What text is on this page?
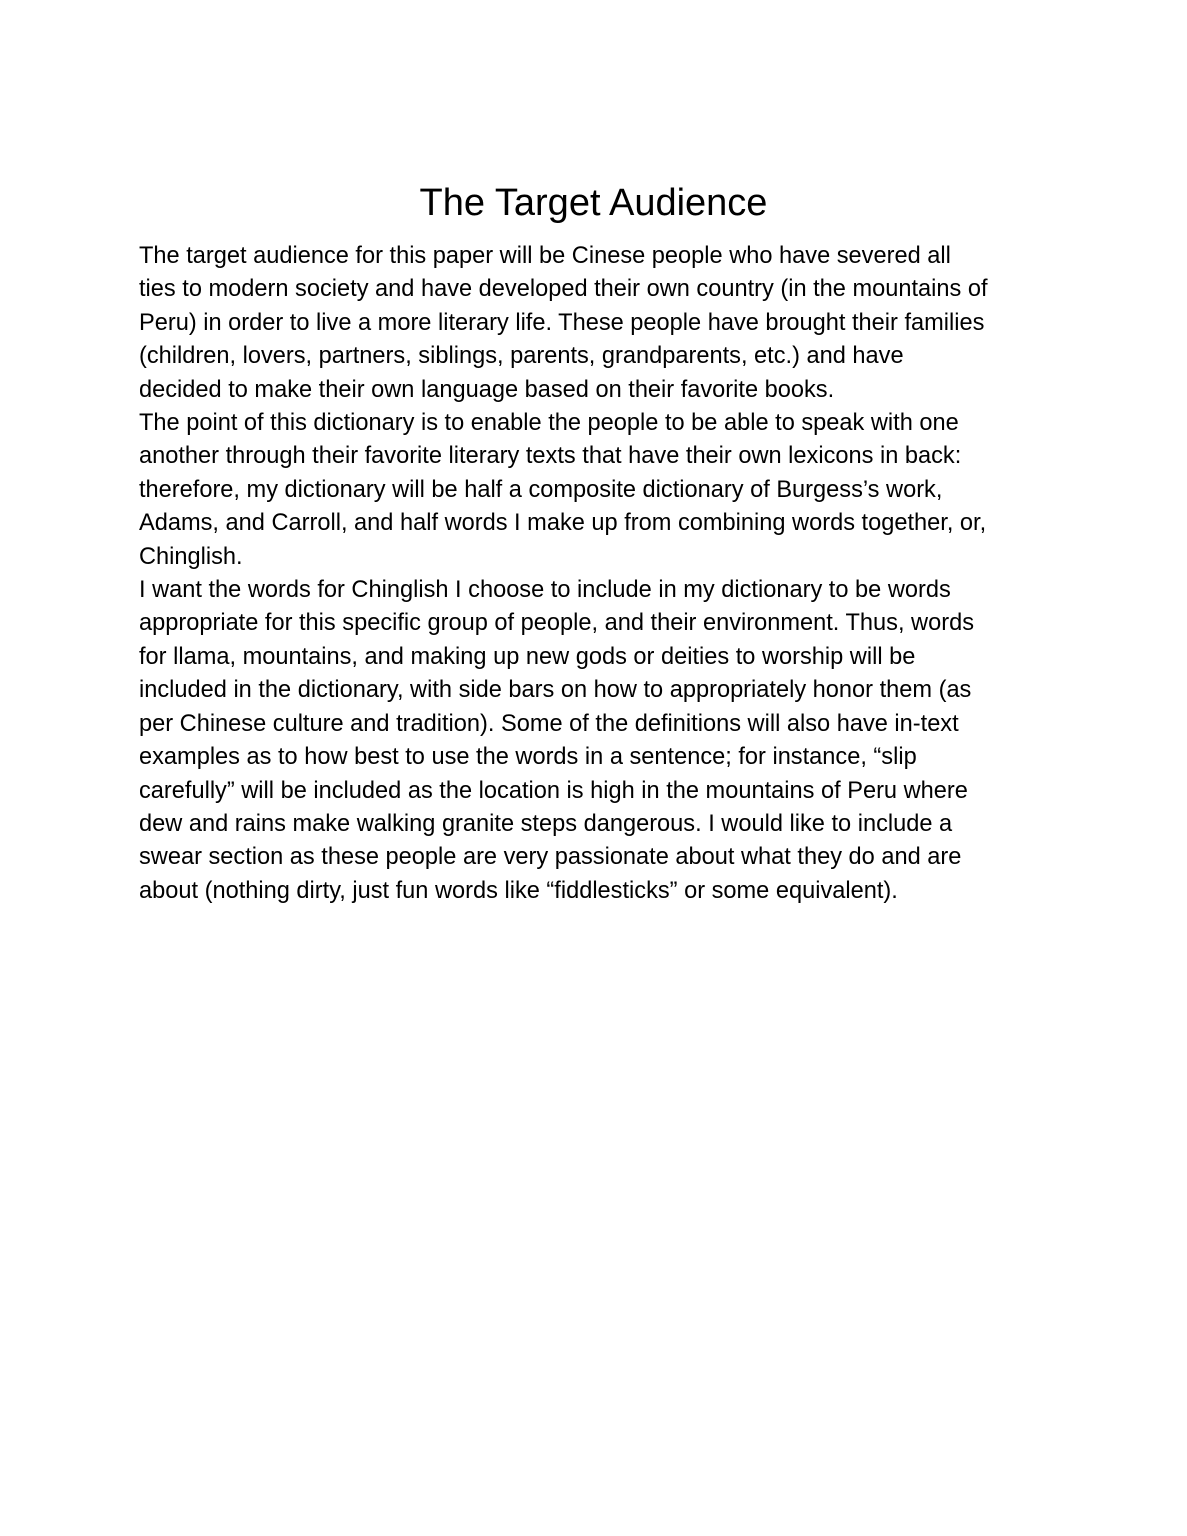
The Target Audience
The target audience for this paper will be Cinese people who have severed all
ties to modern society and have developed their own country (in the mountains of
Peru) in order to live a more literary life. These people have brought their families
(children, lovers, partners, siblings, parents, grandparents, etc.) and have
decided to make their own language based on their favorite books.
The point of this dictionary is to enable the people to be able to speak with one
another through their favorite literary texts that have their own lexicons in back:
therefore, my dictionary will be half a composite dictionary of Burgess’s work,
Adams, and Carroll, and half words I make up from combining words together, or,
Chinglish.
I want the words for Chinglish I choose to include in my dictionary to be words
appropriate for this specific group of people, and their environment. Thus, words
for llama, mountains, and making up new gods or deities to worship will be
included in the dictionary, with side bars on how to appropriately honor them (as
per Chinese culture and tradition). Some of the definitions will also have in-text
examples as to how best to use the words in a sentence; for instance, “slip
carefully” will be included as the location is high in the mountains of Peru where
dew and rains make walking granite steps dangerous. I would like to include a
swear section as these people are very passionate about what they do and are
about (nothing dirty, just fun words like “fiddlesticks” or some equivalent).
